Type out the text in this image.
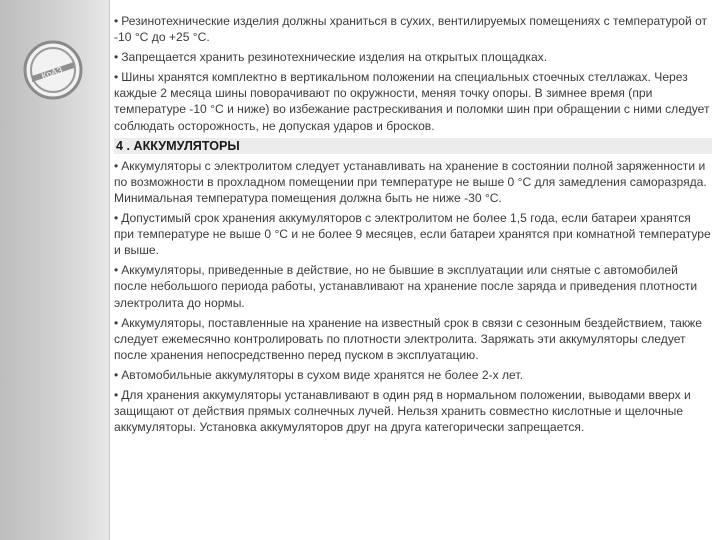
КрАЗ

• Резинотехнические изделия должны храниться в сухих, вентилируемых помещениях с температурой от -10 °С до +25 °С.

• Запрещается хранить резинотехнические изделия на открытых площадках.

• Шины хранятся комплектно в вертикальном положении на специальных стоечных стеллажах. Через каждые 2 месяца шины поворачивают по окружности, меняя точку опоры. В зимнее время (при температуре -10 °С и ниже) во избежание растрескивания и поломки шин при обращении с ними следует соблюдать осторожность, не допуская ударов и бросков.

4 . АККУМУЛЯТОРЫ

• Аккумуляторы с электролитом следует устанавливать на хранение в состоянии полной заряженности и по возможности в прохладном помещении при температуре не выше 0 °С для замедления саморазряда. Минимальная температура помещения должна быть не ниже -30 °С.

• Допустимый срок хранения аккумуляторов с электролитом не более 1,5 года, если батареи хранятся при температуре не выше 0 °С и не более 9 месяцев, если батареи хранятся при комнатной температуре и выше.

• Аккумуляторы, приведенные в действие, но не бывшие в эксплуатации или снятые с автомобилей после небольшого периода работы, устанавливают на хранение после заряда и приведения плотности электролита до нормы.

• Аккумуляторы, поставленные на хранение на известный срок в связи с сезонным бездействием, также следует ежемесячно контролировать по плотности электролита. Заряжать эти аккумуляторы следует после хранения непосредственно перед пуском в эксплуатацию.

• Автомобильные аккумуляторы в сухом виде хранятся не более 2-х лет.

• Для хранения аккумуляторы устанавливают в один ряд в нормальном положении, выводами вверх и защищают от действия прямых солнечных лучей. Нельзя хранить совместно кислотные и щелочные аккумуляторы. Установка аккумуляторов друг на друга категорически запрещается.
